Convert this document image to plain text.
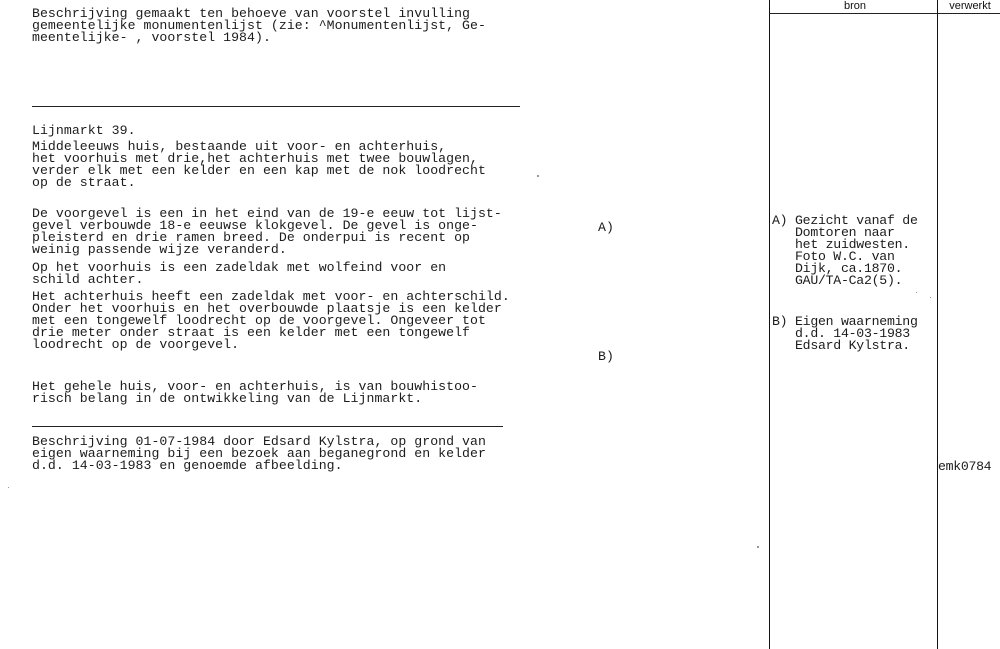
bron	verwerkt
Beschrijving gemaakt ten behoeve van voorstel invulling
gemeentelijke monumentenlijst (zie: ^Monumentenlijst, Ge-
meentelijke- , voorstel 1984).
Lijnmarkt 39.
Middeleeuws huis, bestaande uit voor- en achterhuis,
het voorhuis met drie,het achterhuis met twee bouwlagen,
verder elk met een kelder en een kap met de nok loodrecht
op de straat.
De voorgevel is een in het eind van de 19-e eeuw tot lijst-
gevel verbouwde 18-e eeuwse klokgevel. De gevel is onge-
pleisterd en drie ramen breed. De onderpui is recent op
weinig passende wijze veranderd.
Op het voorhuis is een zadeldak met wolfeind voor en
schild achter.
Het achterhuis heeft een zadeldak met voor- en achterschild.
Onder het voorhuis en het overbouwde plaatsje is een kelder
met een tongewelf loodrecht op de voorgevel. Ongeveer tot
drie meter onder straat is een kelder met een tongewelf
loodrecht op de voorgevel.
A)
B)
Het gehele huis, voor- en achterhuis, is van bouwhistoo-
risch belang in de ontwikkeling van de Lijnmarkt.
Beschrijving 01-07-1984 door Edsard Kylstra, op grond van
eigen waarneming bij een bezoek aan beganegrond en kelder
d.d. 14-03-1983 en genoemde afbeelding.
A) Gezicht vanaf de
Domtoren naar
het zuidwesten.
Foto W.C. van
Dijk, ca.1870.
GAU/TA-Ca2(5).
B) Eigen waarneming
d.d. 14-03-1983
Edsard Kylstra.
emk0784
